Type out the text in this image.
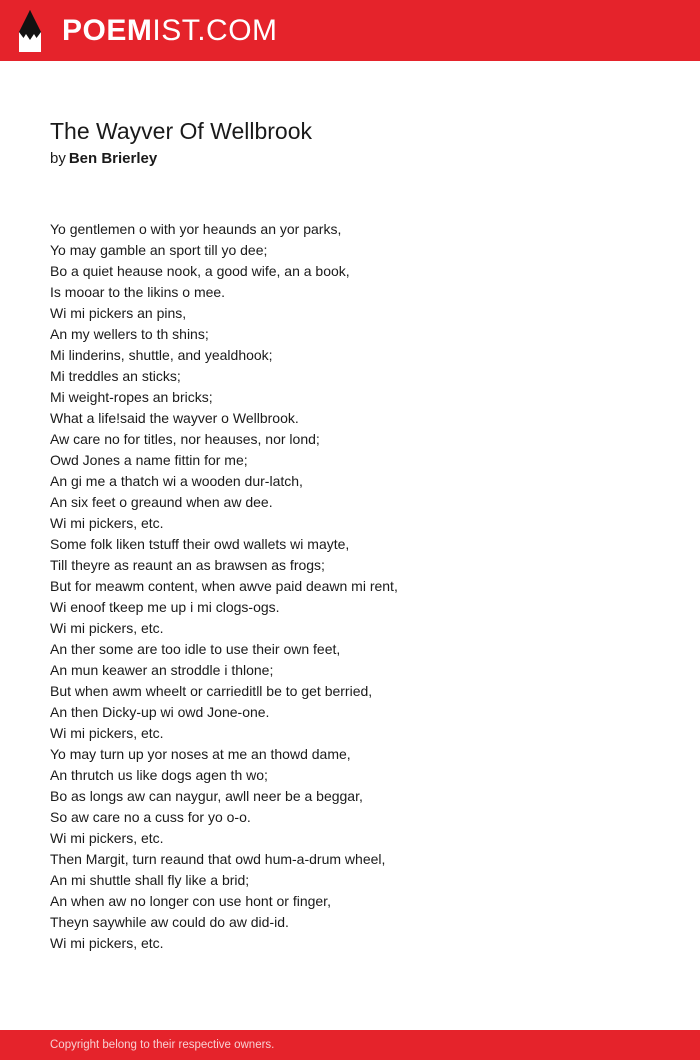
POEMIST.COM
The Wayver Of Wellbrook
by Ben Brierley
Yo gentlemen o with yor heaunds an yor parks,
Yo may gamble an sport till yo dee;
Bo a quiet heause nook, a good wife, an a book,
Is mooar to the likins o mee.
Wi mi pickers an pins,
An my wellers to th shins;
Mi linderins, shuttle, and yealdhook;
Mi treddles an sticks;
Mi weight-ropes an bricks;
What a life!said the wayver o Wellbrook.
Aw care no for titles, nor heauses, nor lond;
Owd Jones a name fittin for me;
An gi me a thatch wi a wooden dur-latch,
An six feet o greaund when aw dee.
Wi mi pickers, etc.
Some folk liken tstuff their owd wallets wi mayte,
Till theyre as reaunt an as brawsen as frogs;
But for meawm content, when awve paid deawn mi rent,
Wi enoof tkeep me up i mi clogs-ogs.
Wi mi pickers, etc.
An ther some are too idle to use their own feet,
An mun keawer an stroddle i thlone;
But when awm wheelt or carrieditll be to get berried,
An then Dicky-up wi owd Jone-one.
Wi mi pickers, etc.
Yo may turn up yor noses at me an thowd dame,
An thrutch us like dogs agen th wo;
Bo as longs aw can naygur, awll neer be a beggar,
So aw care no a cuss for yo o-o.
Wi mi pickers, etc.
Then Margit, turn reaund that owd hum-a-drum wheel,
An mi shuttle shall fly like a brid;
An when aw no longer con use hont or finger,
Theyn saywhile aw could do aw did-id.
Wi mi pickers, etc.
Copyright belong to their respective owners.
